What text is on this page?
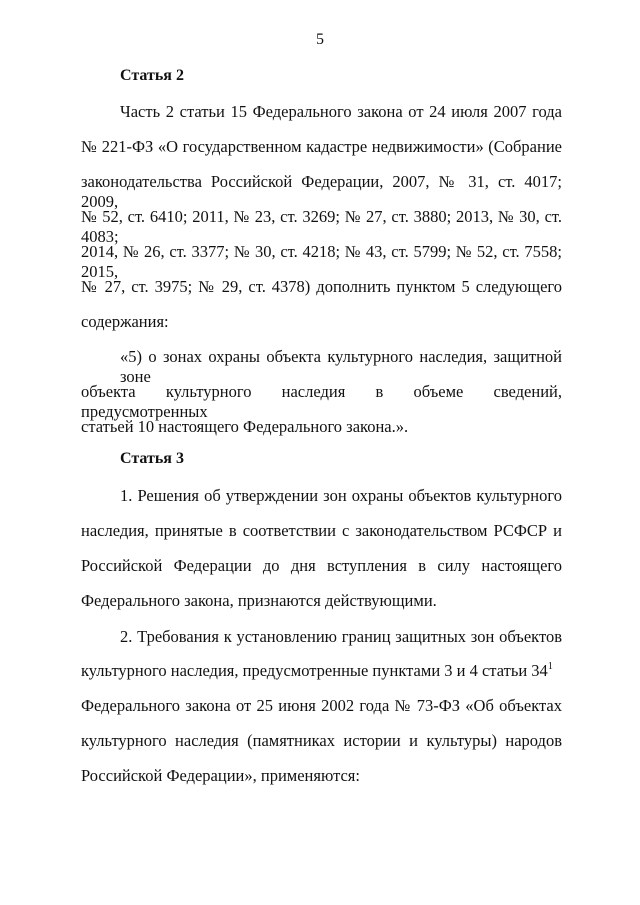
5
Статья 2
Часть 2 статьи 15 Федерального закона от 24 июля 2007 года
№ 221-ФЗ «О государственном кадастре недвижимости» (Собрание
законодательства Российской Федерации, 2007, № 31, ст. 4017; 2009,
№ 52, ст. 6410; 2011, № 23, ст. 3269; № 27, ст. 3880; 2013, № 30, ст. 4083;
2014, № 26, ст. 3377; № 30, ст. 4218; № 43, ст. 5799; № 52, ст. 7558; 2015,
№ 27, ст. 3975; № 29, ст. 4378) дополнить пунктом 5 следующего
содержания:
«5) о зонах охраны объекта культурного наследия, защитной зоне
объекта культурного наследия в объеме сведений, предусмотренных
статьей 10 настоящего Федерального закона.».
Статья 3
1. Решения об утверждении зон охраны объектов культурного
наследия, принятые в соответствии с законодательством РСФСР и
Российской Федерации до дня вступления в силу настоящего
Федерального закона, признаются действующими.
2. Требования к установлению границ защитных зон объектов
культурного наследия, предусмотренные пунктами 3 и 4 статьи $34^1$
Федерального закона от 25 июня 2002 года № 73-ФЗ «Об объектах
культурного наследия (памятниках истории и культуры) народов
Российской Федерации», применяются:
